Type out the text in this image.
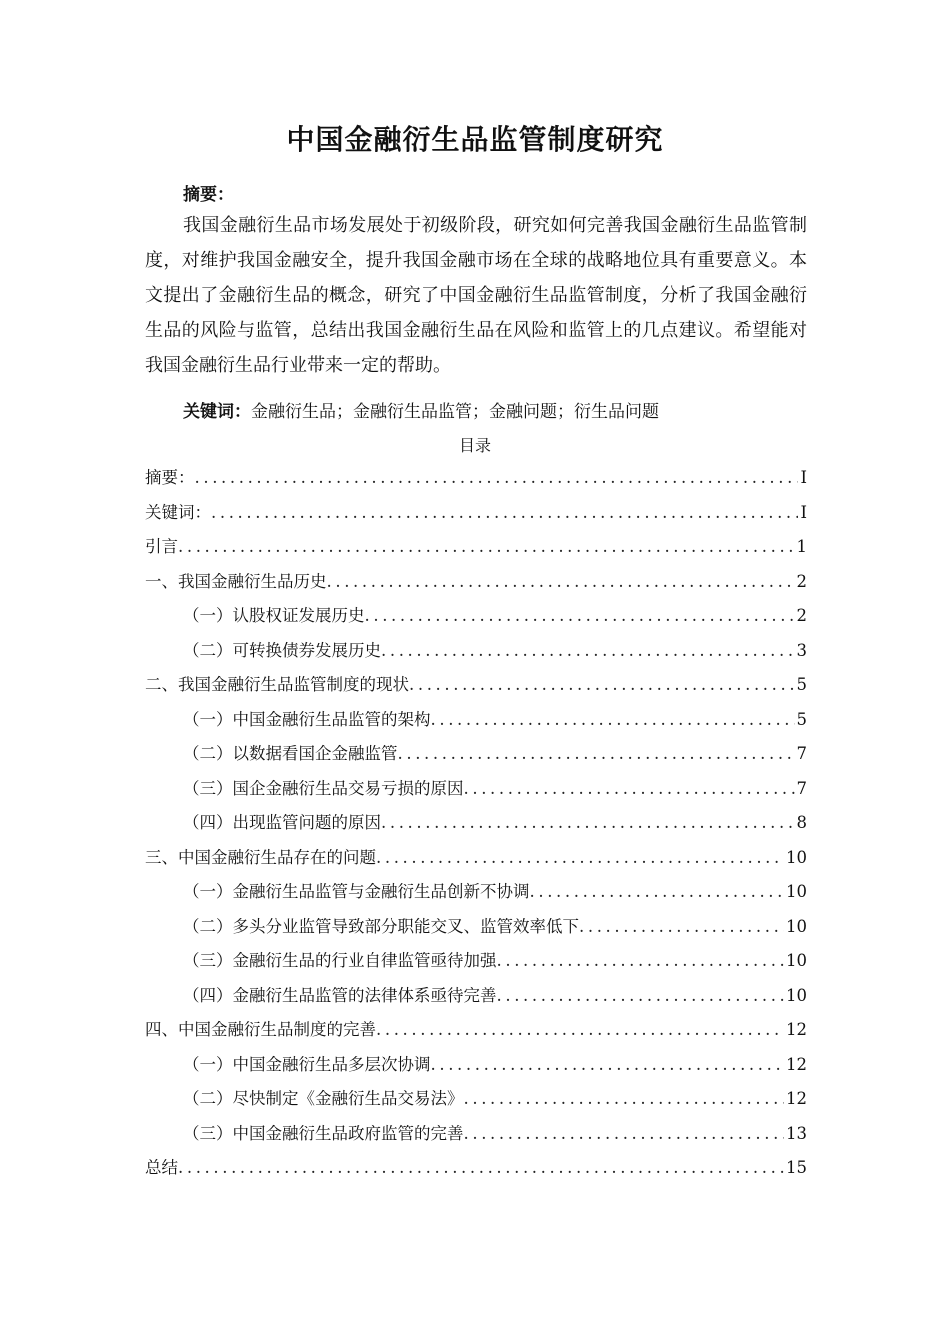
中国金融衍生品监管制度研究
摘要：

我国金融衍生品市场发展处于初级阶段，研究如何完善我国金融衍生品监管制度，对维护我国金融安全，提升我国金融市场在全球的战略地位具有重要意义。本文提出了金融衍生品的概念，研究了中国金融衍生品监管制度，分析了我国金融衍生品的风险与监管，总结出我国金融衍生品在风险和监管上的几点建议。希望能对我国金融衍生品行业带来一定的帮助。

关键词：金融衍生品；金融衍生品监管；金融问题；衍生品问题
目录
摘要： .....	I
关键词： .....	I
引言 .....	1
一、我国金融衍生品历史 .....	2
（一）认股权证发展历史 .....	2
（二）可转换债券发展历史 .....	3
二、我国金融衍生品监管制度的现状 .....	5
（一）中国金融衍生品监管的架构 .....	5
（二）以数据看国企金融监管 .....	7
（三）国企金融衍生品交易亏损的原因 .....	7
（四）出现监管问题的原因 .....	8
三、中国金融衍生品存在的问题 .....	10
（一）金融衍生品监管与金融衍生品创新不协调 .....	10
（二）多头分业监管导致部分职能交叉、监管效率低下 .....	10
（三）金融衍生品的行业自律监管亟待加强 .....	10
（四）金融衍生品监管的法律体系亟待完善 .....	10
四、中国金融衍生品制度的完善 .....	12
（一）中国金融衍生品多层次协调 .....	12
（二）尽快制定《金融衍生品交易法》 .....	12
（三）中国金融衍生品政府监管的完善 .....	13
总结 .....	15
